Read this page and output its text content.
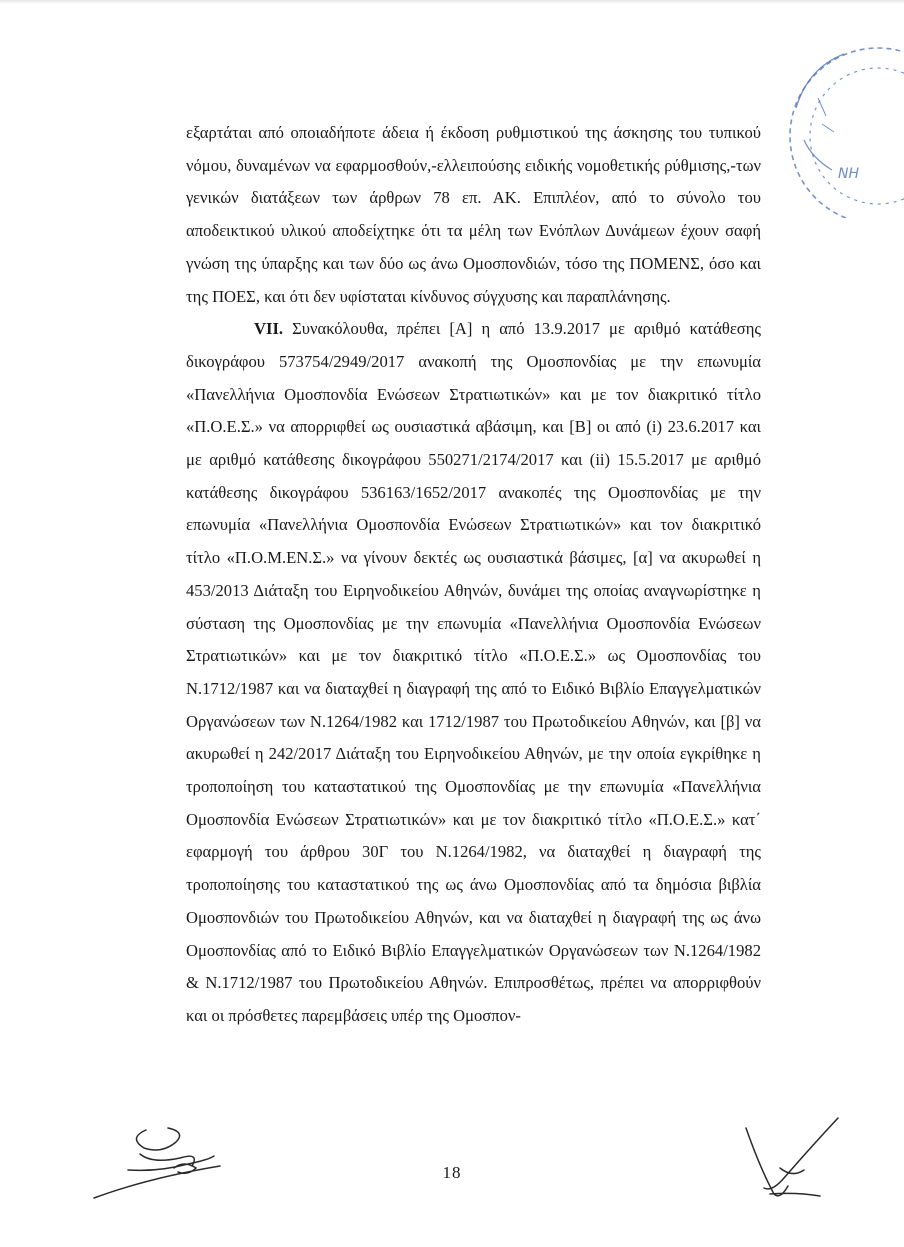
ΝΗ

εξαρτάται από οποιαδήποτε άδεια ή έκδοση ρυθμιστικού της άσκησης του τυπικού νόμου, δυναμένων να εφαρμοσθούν,-ελλειπούσης ειδικής νομοθετικής ρύθμισης,-των γενικών διατάξεων των άρθρων 78 επ. ΑΚ. Επιπλέον, από το σύνολο του αποδεικτικού υλικού αποδείχτηκε ότι τα μέλη των Ενόπλων Δυνάμεων έχουν σαφή γνώση της ύπαρξης και των δύο ως άνω Ομοσπονδιών, τόσο της ΠΟΜΕΝΣ, όσο και της ΠΟΕΣ, και ότι δεν υφίσταται κίνδυνος σύγχυσης και παραπλάνησης.

VII. Συνακόλουθα, πρέπει [Α] η από 13.9.2017 με αριθμό κατάθεσης δικογράφου 573754/2949/2017 ανακοπή της Ομοσπονδίας με την επωνυμία «Πανελλήνια Ομοσπονδία Ενώσεων Στρατιωτικών» και με τον διακριτικό τίτλο «Π.Ο.Ε.Σ.» να απορριφθεί ως ουσιαστικά αβάσιμη, και [Β] οι από (i) 23.6.2017 και με αριθμό κατάθεσης δικογράφου 550271/2174/2017 και (ii) 15.5.2017 με αριθμό κατάθεσης δικογράφου 536163/1652/2017 ανακοπές της Ομοσπονδίας με την επωνυμία «Πανελλήνια Ομοσπονδία Ενώσεων Στρατιωτικών» και τον διακριτικό τίτλο «Π.Ο.Μ.ΕΝ.Σ.» να γίνουν δεκτές ως ουσιαστικά βάσιμες, [α] να ακυρωθεί η 453/2013 Διάταξη του Ειρηνοδικείου Αθηνών, δυνάμει της οποίας αναγνωρίστηκε η σύσταση της Ομοσπονδίας με την επωνυμία «Πανελλήνια Ομοσπονδία Ενώσεων Στρατιωτικών» και με τον διακριτικό τίτλο «Π.Ο.Ε.Σ.» ως Ομοσπονδίας του Ν.1712/1987 και να διαταχθεί η διαγραφή της από το Ειδικό Βιβλίο Επαγγελματικών Οργανώσεων των Ν.1264/1982 και 1712/1987 του Πρωτοδικείου Αθηνών, και [β] να ακυρωθεί η 242/2017 Διάταξη του Ειρηνοδικείου Αθηνών, με την οποία εγκρίθηκε η τροποποίηση του καταστατικού της Ομοσπονδίας με την επωνυμία «Πανελλήνια Ομοσπονδία Ενώσεων Στρατιωτικών» και με τον διακριτικό τίτλο «Π.Ο.Ε.Σ.» κατ΄ εφαρμογή του άρθρου 30Γ του Ν.1264/1982, να διαταχθεί η διαγραφή της τροποποίησης του καταστατικού της ως άνω Ομοσπονδίας από τα δημόσια βιβλία Ομοσπονδιών του Πρωτοδικείου Αθηνών, και να διαταχθεί η διαγραφή της ως άνω Ομοσπονδίας από το Ειδικό Βιβλίο Επαγγελματικών Οργανώσεων των Ν.1264/1982 & Ν.1712/1987 του Πρωτοδικείου Αθηνών. Επιπροσθέτως, πρέπει να απορριφθούν και οι πρόσθετες παρεμβάσεις υπέρ της Ομοσπον-

18
